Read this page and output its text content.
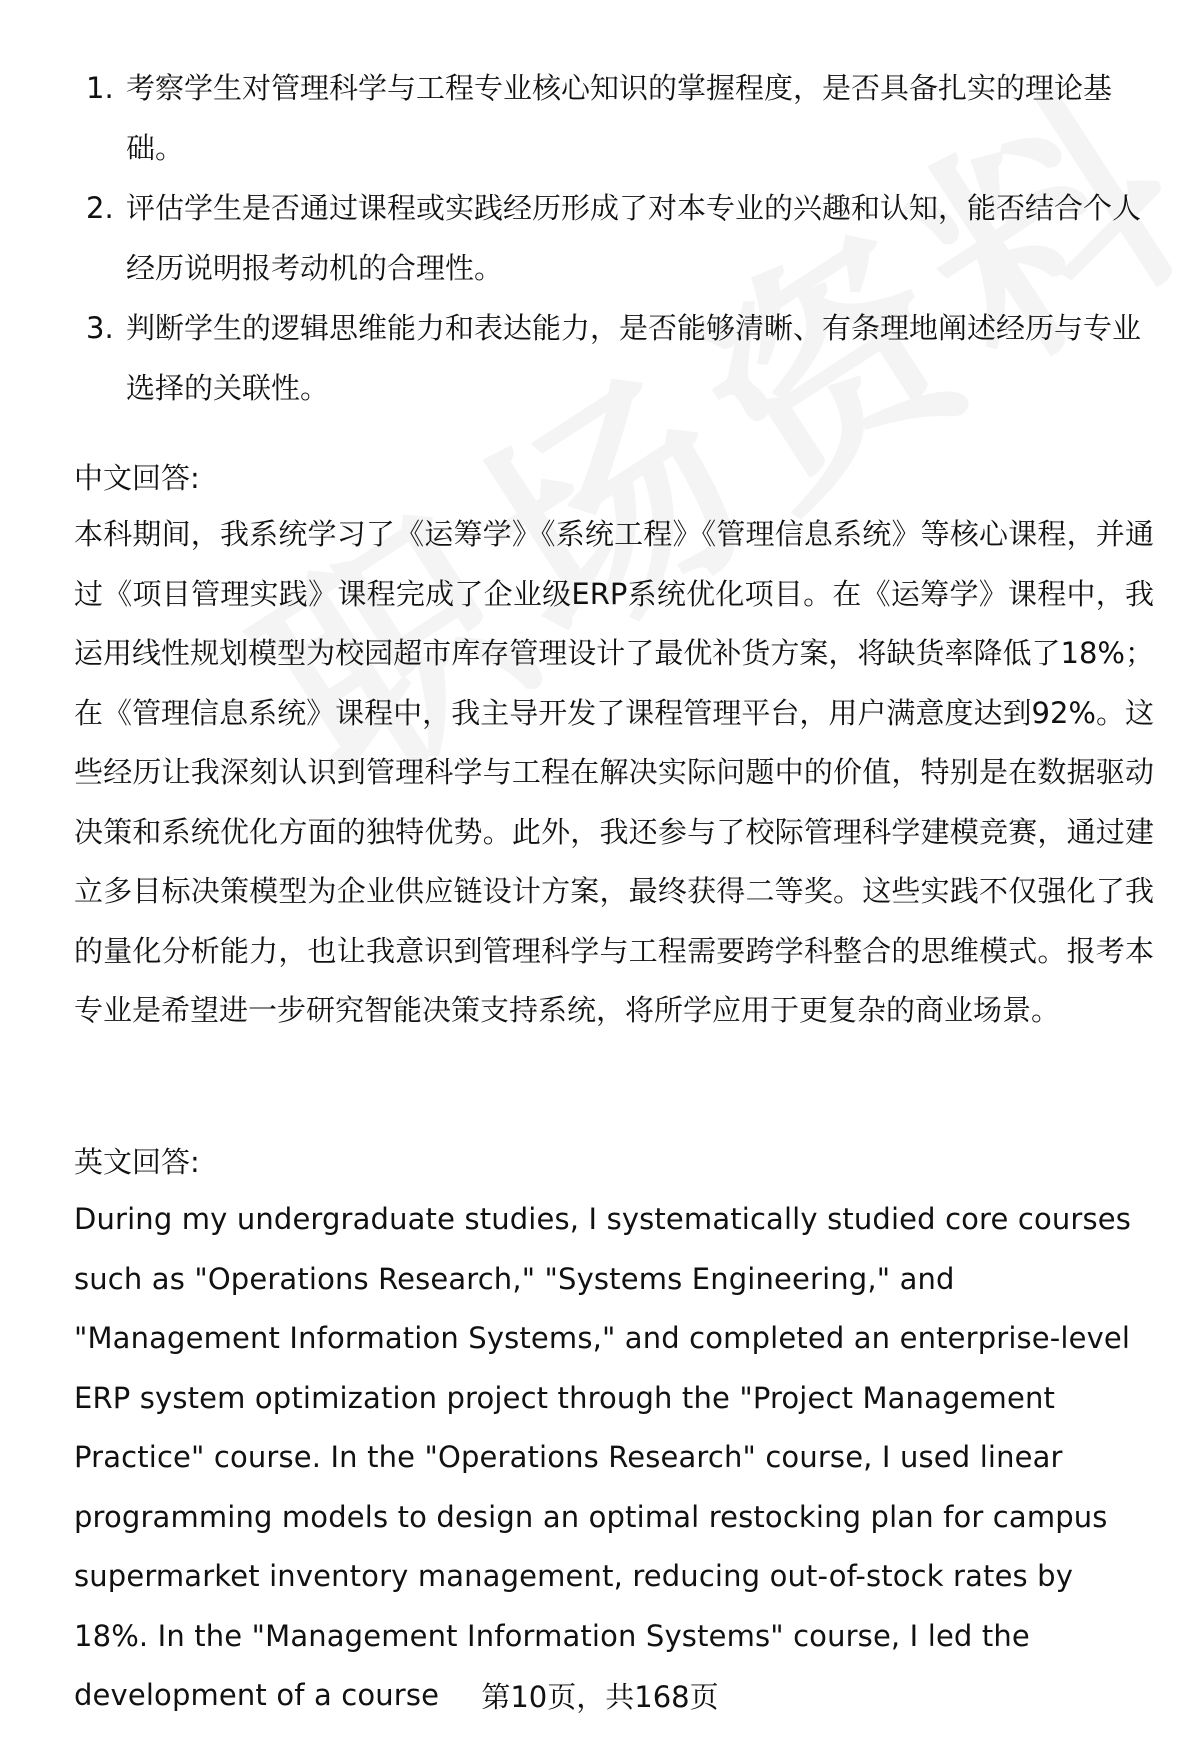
1. 考察学生对管理科学与工程专业核心知识的掌握程度，是否具备扎实的理论基础。
2. 评估学生是否通过课程或实践经历形成了对本专业的兴趣和认知，能否结合个人经历说明报考动机的合理性。
3. 判断学生的逻辑思维能力和表达能力，是否能够清晰、有条理地阐述经历与专业选择的关联性。
中文回答:

本科期间，我系统学习了《运筹学》《系统工程》《管理信息系统》等核心课程，并通过《项目管理实践》课程完成了企业级ERP系统优化项目。在《运筹学》课程中，我运用线性规划模型为校园超市库存管理设计了最优补货方案，将缺货率降低了18%；在《管理信息系统》课程中，我主导开发了课程管理平台，用户满意度达到92%。这些经历让我深刻认识到管理科学与工程在解决实际问题中的价值，特别是在数据驱动决策和系统优化方面的独特优势。此外，我还参与了校际管理科学建模竞赛，通过建立多目标决策模型为企业供应链设计方案，最终获得二等奖。这些实践不仅强化了我的量化分析能力，也让我意识到管理科学与工程需要跨学科整合的思维模式。报考本专业是希望进一步研究智能决策支持系统，将所学应用于更复杂的商业场景。

英文回答:

During my undergraduate studies, I systematically studied core courses such as "Operations Research," "Systems Engineering," and "Management Information Systems," and completed an enterprise-level ERP system optimization project through the "Project Management Practice" course. In the "Operations Research" course, I used linear programming models to design an optimal restocking plan for campus supermarket inventory management, reducing out-of-stock rates by 18%. In the "Management Information Systems" course, I led the development of a course	第10页，共168页
